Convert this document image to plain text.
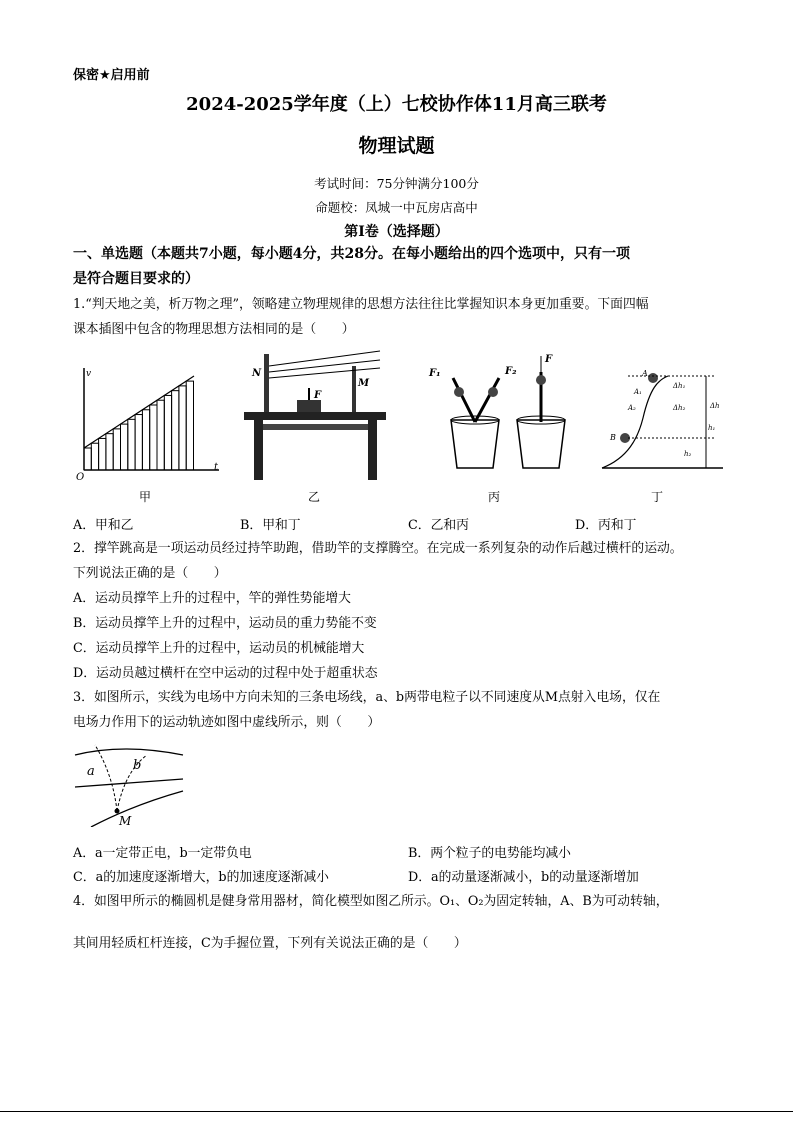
保密★启用前
2024-2025学年度（上）七校协作体11月高三联考
物理试题
考试时间：75分钟满分100分
命题校：凤城一中瓦房店高中
第Ⅰ卷（选择题）
一、单选题（本题共7小题，每小题4分，共28分。在每小题给出的四个选项中，只有一项
是符合题目要求的）
1.“判天地之美，析万物之理”，领略建立物理规律的思想方法往往比掌握知识本身更加重要。下面四幅
课本插图中包含的物理思想方法相同的是（　　）
v
t
O
甲
N
M
F
乙
F₁	F₂
F
丙
A
B
A₁
A₂
Δh₁
Δh₂	Δh
h₁
h₂
丁
A．甲和乙	B．甲和丁	C．乙和丙	D．丙和丁
2．撑竿跳高是一项运动员经过持竿助跑，借助竿的支撑腾空。在完成一系列复杂的动作后越过横杆的运动。
下列说法正确的是（　　）
A．运动员撑竿上升的过程中，竿的弹性势能增大
B．运动员撑竿上升的过程中，运动员的重力势能不变
C．运动员撑竿上升的过程中，运动员的机械能增大
D．运动员越过横杆在空中运动的过程中处于超重状态
3．如图所示，实线为电场中方向未知的三条电场线，a、b两带电粒子以不同速度从M点射入电场，仅在
电场力作用下的运动轨迹如图中虚线所示，则（　　）
a	b
M
A．a一定带正电，b一定带负电	B．两个粒子的电势能均减小
C．a的加速度逐渐增大，b的加速度逐渐减小	D．a的动量逐渐减小，b的动量逐渐增加
4．如图甲所示的椭圆机是健身常用器材，简化模型如图乙所示。O₁、O₂为固定转轴，A、B为可动转轴，
其间用轻质杠杆连接，C为手握位置，下列有关说法正确的是（　　）
